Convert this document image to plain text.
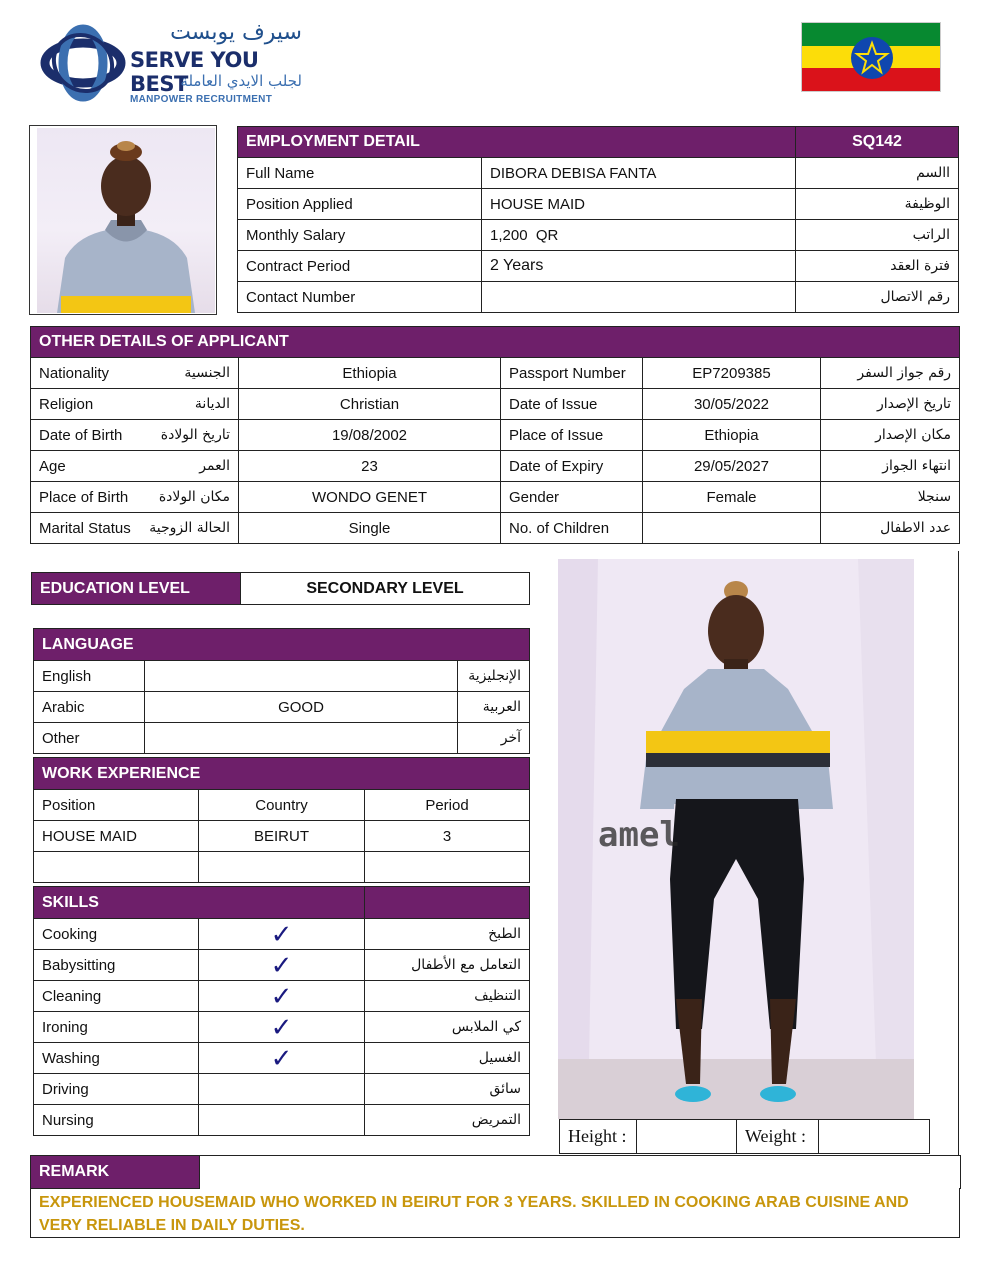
سيرف يوبست
SERVE YOU BEST
لجلب الايدي العاملة
MANPOWER RECRUITMENT
EMPLOYMENT DETAIL		SQ142
Full Name	DIBORA DEBISA FANTA	االسم
Position Applied	HOUSE MAID	الوظيفة
Monthly Salary	1,200  QR	الراتب
Contract Period	2 Years	فترة العقد
Contact Number		رقم الاتصال
OTHER DETAILS OF APPLICANT					
Nationality	الجنسية	Ethiopia	Passport Number	EP7209385	رقم جواز السفر
Religion	الديانة	Christian	Date of Issue	30/05/2022	تاريخ الإصدار
Date of Birth	تاريخ الولادة	19/08/2002	Place of Issue	Ethiopia	مكان الإصدار
Age	العمر	23	Date of Expiry	29/05/2027	انتهاء الجواز
Place of Birth	مكان الولادة	WONDO GENET	Gender	Female	سنجلا
Marital Status	الحالة الزوجية	Single	No. of Children		عدد الاطفال
EDUCATION LEVEL	SECONDARY LEVEL
LANGUAGE		
English		الإنجليزية
Arabic	GOOD	العربية
Other		آخر
WORK EXPERIENCE		
Position	Country	Period
HOUSE MAID	BEIRUT	3

SKILLS		
Cooking	✓	الطبخ
Babysitting	✓	التعامل مع الأطفال
Cleaning	✓	التنظيف
Ironing	✓	كي الملابس
Washing	✓	الغسيل
Driving		سائق
Nursing		التمريض
amel
Height :		Weight :	
REMARK	
EXPERIENCED HOUSEMAID WHO WORKED IN BEIRUT FOR 3 YEARS. SKILLED IN COOKING ARAB CUISINE AND VERY RELIABLE IN DAILY DUTIES.
